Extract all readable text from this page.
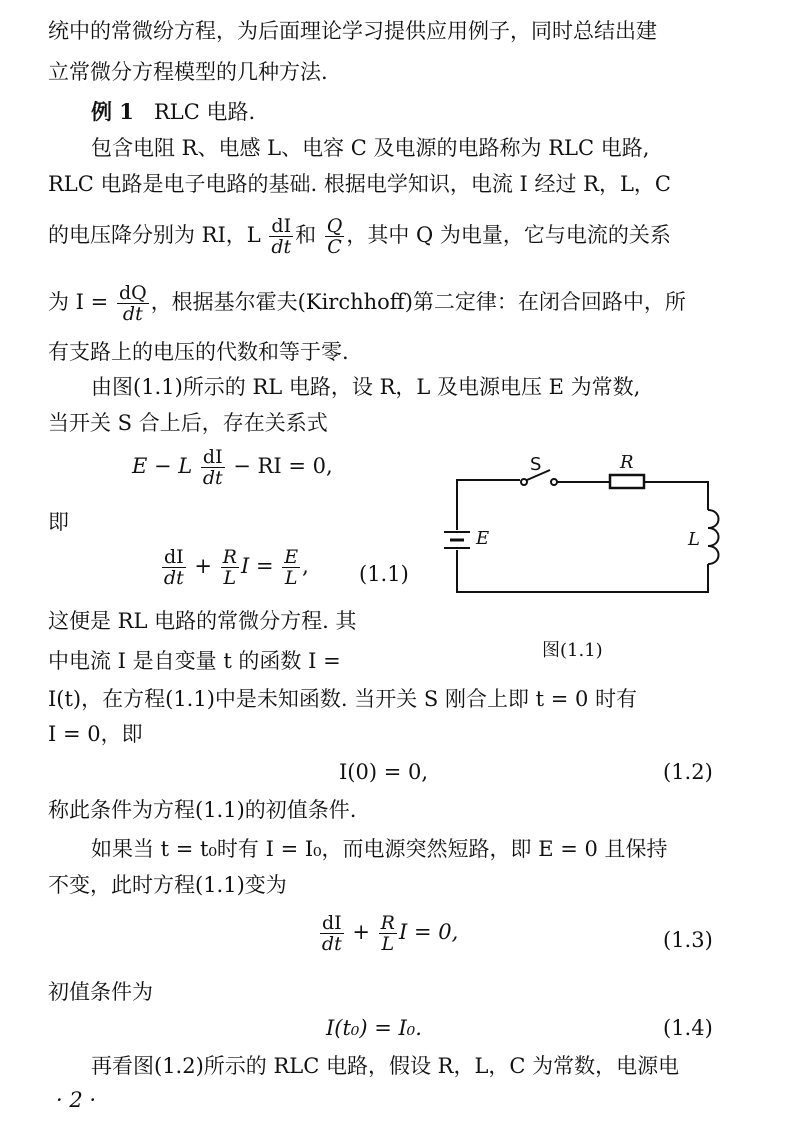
统中的常微纷方程，为后面理论学习提供应用例子，同时总结出建
立常微分方程模型的几种方法.
例 1 RLC 电路.
包含电阻 R、电感 L、电容 C 及电源的电路称为 RLC 电路,
RLC 电路是电子电路的基础. 根据电学知识，电流 I 经过 R，L，C
的电压降分别为 RI，L $\frac{dI}{dt}$ 和 $\frac{Q}{C}$ ，其中 Q 为电量，它与电流的关系
为 $I = \frac{dQ}{dt}$ ，根据基尔霍夫(Kirchhoff)第二定律：在闭合回路中，所
有支路上的电压的代数和等于零.
由图(1.1)所示的 RL 电路，设 R，L 及电源电压 E 为常数,
当开关 S 合上后，存在关系式
E − L $\frac{dI}{dt}$ − RI = 0,
即
$\frac{dI}{dt} + \frac{R}{L}$ $I = \frac{E}{L}$ , (1.1)
S	R
E	L
图(1.1)
这便是 RL 电路的常微分方程. 其
中电流 I 是自变量 t 的函数 I =
I(t)，在方程(1.1)中是未知函数. 当开关 S 刚合上即 t = 0 时有
I = 0，即
I(0) = 0,	(1.2)
称此条件为方程(1.1)的初值条件.
如果当 t = t₀时有 I = I₀，而电源突然短路，即 E = 0 且保持
不变，此时方程(1.1)变为
$\frac{dI}{dt} + \frac{R}{L}$ I = 0,	(1.3)
初值条件为
I(t₀) = I₀.	(1.4)
再看图(1.2)所示的 RLC 电路，假设 R，L，C 为常数，电源电
· 2 ·
